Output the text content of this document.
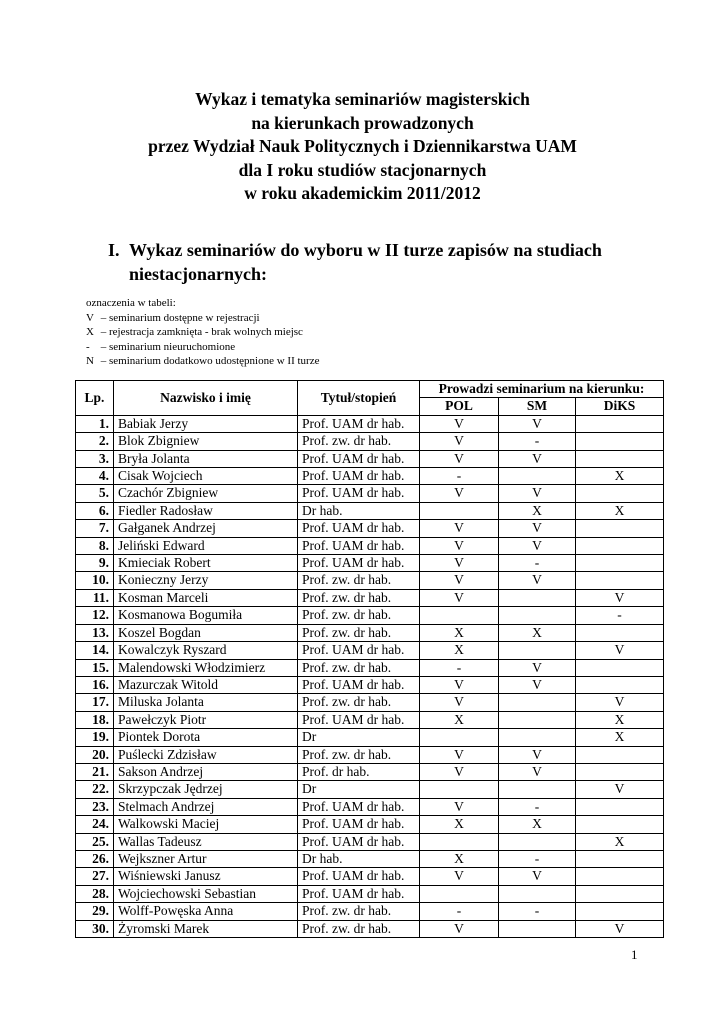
Wykaz i tematyka seminariów magisterskich
na kierunkach prowadzonych
przez Wydział Nauk Politycznych i Dziennikarstwa UAM
dla I roku studiów stacjonarnych
w roku akademickim 2011/2012
I. Wykaz seminariów do wyboru w II turze zapisów na studiach niestacjonarnych:
oznaczenia w tabeli:
V – seminarium dostępne w rejestracji
X – rejestracja zamknięta - brak wolnych miejsc
- – seminarium nieuruchomione
N – seminarium dodatkowo udostępnione w II turze
Lp.	Nazwisko i imię	Tytuł/stopień	Prowadzi seminarium na kierunku:		
			POL	SM	DiKS
1.	Babiak Jerzy	Prof. UAM dr hab.	V	V	
2.	Blok Zbigniew	Prof. zw. dr hab.	V	-	
3.	Bryła Jolanta	Prof. UAM dr hab.	V	V	
4.	Cisak Wojciech	Prof. UAM dr hab.	-		X
5.	Czachór Zbigniew	Prof. UAM dr hab.	V	V	
6.	Fiedler Radosław	Dr hab.		X	X
7.	Gałganek Andrzej	Prof. UAM dr hab.	V	V	
8.	Jeliński Edward	Prof. UAM dr hab.	V	V	
9.	Kmieciak Robert	Prof. UAM dr hab.	V	-	
10.	Konieczny Jerzy	Prof. zw. dr hab.	V	V	
11.	Kosman Marceli	Prof. zw. dr hab.	V		V
12.	Kosmanowa Bogumiła	Prof. zw. dr hab.			-
13.	Koszel Bogdan	Prof. zw. dr hab.	X	X	
14.	Kowalczyk Ryszard	Prof. UAM dr hab.	X		V
15.	Malendowski Włodzimierz	Prof. zw. dr hab.	-	V	
16.	Mazurczak Witold	Prof. UAM dr hab.	V	V	
17.	Miluska Jolanta	Prof. zw. dr hab.	V		V
18.	Pawełczyk Piotr	Prof. UAM dr hab.	X		X
19.	Piontek Dorota	Dr			X
20.	Puślecki Zdzisław	Prof. zw. dr hab.	V	V	
21.	Sakson Andrzej	Prof. dr hab.	V	V	
22.	Skrzypczak Jędrzej	Dr			V
23.	Stelmach Andrzej	Prof. UAM dr hab.	V	-	
24.	Walkowski Maciej	Prof. UAM dr hab.	X	X	
25.	Wallas Tadeusz	Prof. UAM dr hab.			X
26.	Wejkszner Artur	Dr hab.	X	-	
27.	Wiśniewski Janusz	Prof. UAM dr hab.	V	V	
28.	Wojciechowski Sebastian	Prof. UAM dr hab.			
29.	Wolff-Powęska Anna	Prof. zw. dr hab.	-	-	
30.	Żyromski Marek	Prof. zw. dr hab.	V		V
1
